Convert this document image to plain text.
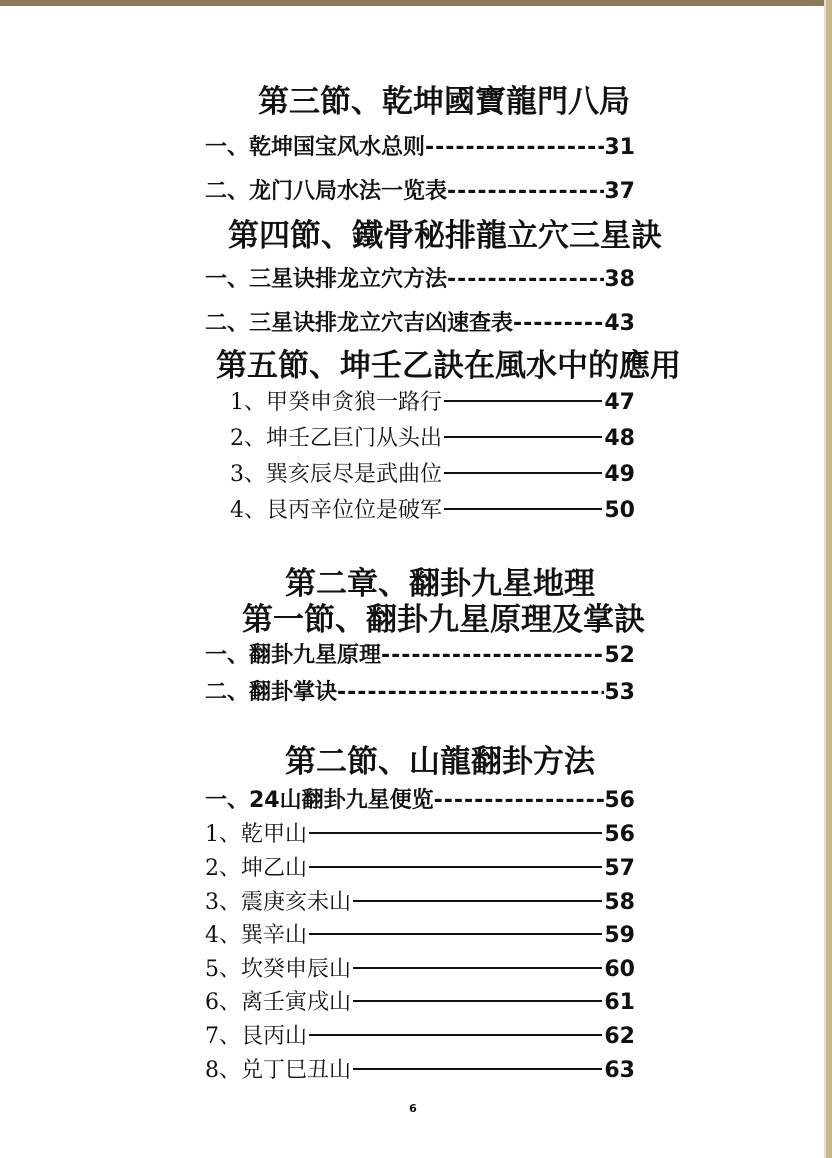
第三節、乾坤國寶龍門八局
一、乾坤国宝风水总则 -----	31
二、龙门八局水法一览表 -----	37
第四節、鐵骨秘排龍立穴三星訣
一、三星诀排龙立穴方法 -----	38
二、三星诀排龙立穴吉凶速查表 -----	43
第五節、坤壬乙訣在風水中的應用
1、甲癸申贪狼一路行	47
2、坤壬乙巨门从头出	48
3、巽亥辰尽是武曲位	49
4、艮丙辛位位是破军	50
第二章、翻卦九星地理
第一節、翻卦九星原理及掌訣
一、翻卦九星原理 -----	52
二、翻卦掌诀 -----	53
第二節、山龍翻卦方法
一、24山翻卦九星便览 -----	56
1、乾甲山	56
2、坤乙山	57
3、震庚亥未山	58
4、巽辛山	59
5、坎癸申辰山	60
6、离壬寅戌山	61
7、艮丙山	62
8、兑丁巳丑山	63
6
